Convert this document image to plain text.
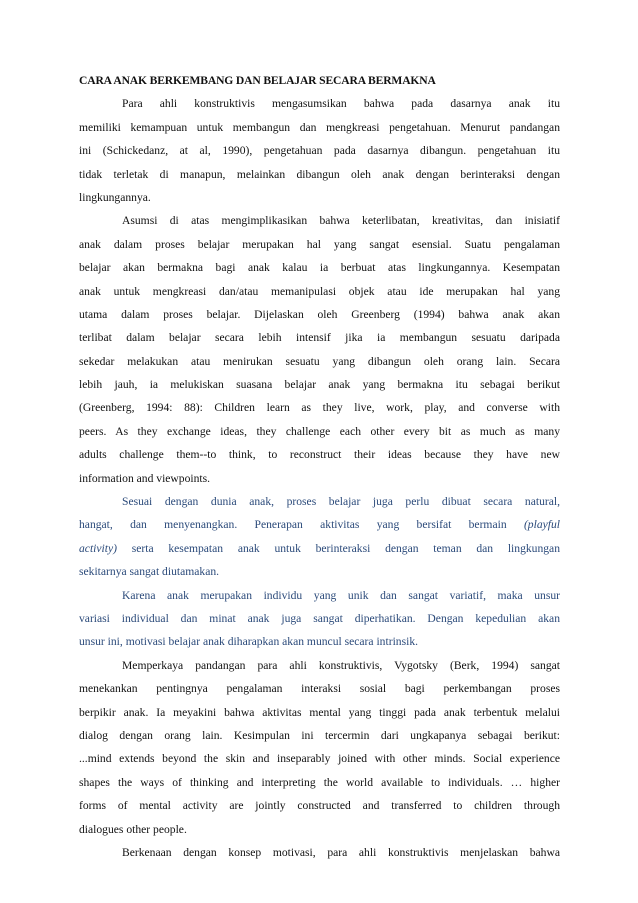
CARA ANAK BERKEMBANG DAN BELAJAR SECARA BERMAKNA

Para ahli konstruktivis mengasumsikan bahwa pada dasarnya anak itu
memiliki kemampuan untuk membangun dan mengkreasi pengetahuan. Menurut pandangan
ini (Schickedanz, at al, 1990), pengetahuan pada dasarnya dibangun. pengetahuan itu
tidak terletak di manapun, melainkan dibangun oleh anak dengan berinteraksi dengan
lingkungannya.
Asumsi di atas mengimplikasikan bahwa keterlibatan, kreativitas, dan inisiatif
anak dalam proses belajar merupakan hal yang sangat esensial. Suatu pengalaman
belajar akan bermakna bagi anak kalau ia berbuat atas lingkungannya. Kesempatan
anak untuk mengkreasi dan/atau memanipulasi objek atau ide merupakan hal yang
utama dalam proses belajar. Dijelaskan oleh Greenberg (1994) bahwa anak akan
terlibat dalam belajar secara lebih intensif jika ia membangun sesuatu daripada
sekedar melakukan atau menirukan sesuatu yang dibangun oleh orang lain. Secara
lebih jauh, ia melukiskan suasana belajar anak yang bermakna itu sebagai berikut
(Greenberg, 1994: 88): Children learn as they live, work, play, and converse with
peers. As they exchange ideas, they challenge each other every bit as much as many
adults challenge them--to think, to reconstruct their ideas because they have new
information and viewpoints.
Sesuai dengan dunia anak, proses belajar juga perlu dibuat secara natural,
hangat, dan menyenangkan. Penerapan aktivitas yang bersifat bermain (playful
activity) serta kesempatan anak untuk berinteraksi dengan teman dan lingkungan
sekitarnya sangat diutamakan.
Karena anak merupakan individu yang unik dan sangat variatif, maka unsur
variasi individual dan minat anak juga sangat diperhatikan. Dengan kepedulian akan
unsur ini, motivasi belajar anak diharapkan akan muncul secara intrinsik.
Memperkaya pandangan para ahli konstruktivis, Vygotsky (Berk, 1994) sangat
menekankan pentingnya pengalaman interaksi sosial bagi perkembangan proses
berpikir anak. Ia meyakini bahwa aktivitas mental yang tinggi pada anak terbentuk melalui
dialog dengan orang lain. Kesimpulan ini tercermin dari ungkapanya sebagai berikut:
...mind extends beyond the skin and inseparably joined with other minds. Social experience
shapes the ways of thinking and interpreting the world available to individuals. … higher
forms of mental activity are jointly constructed and transferred to children through
dialogues other people.
Berkenaan dengan konsep motivasi, para ahli konstruktivis menjelaskan bahwa
